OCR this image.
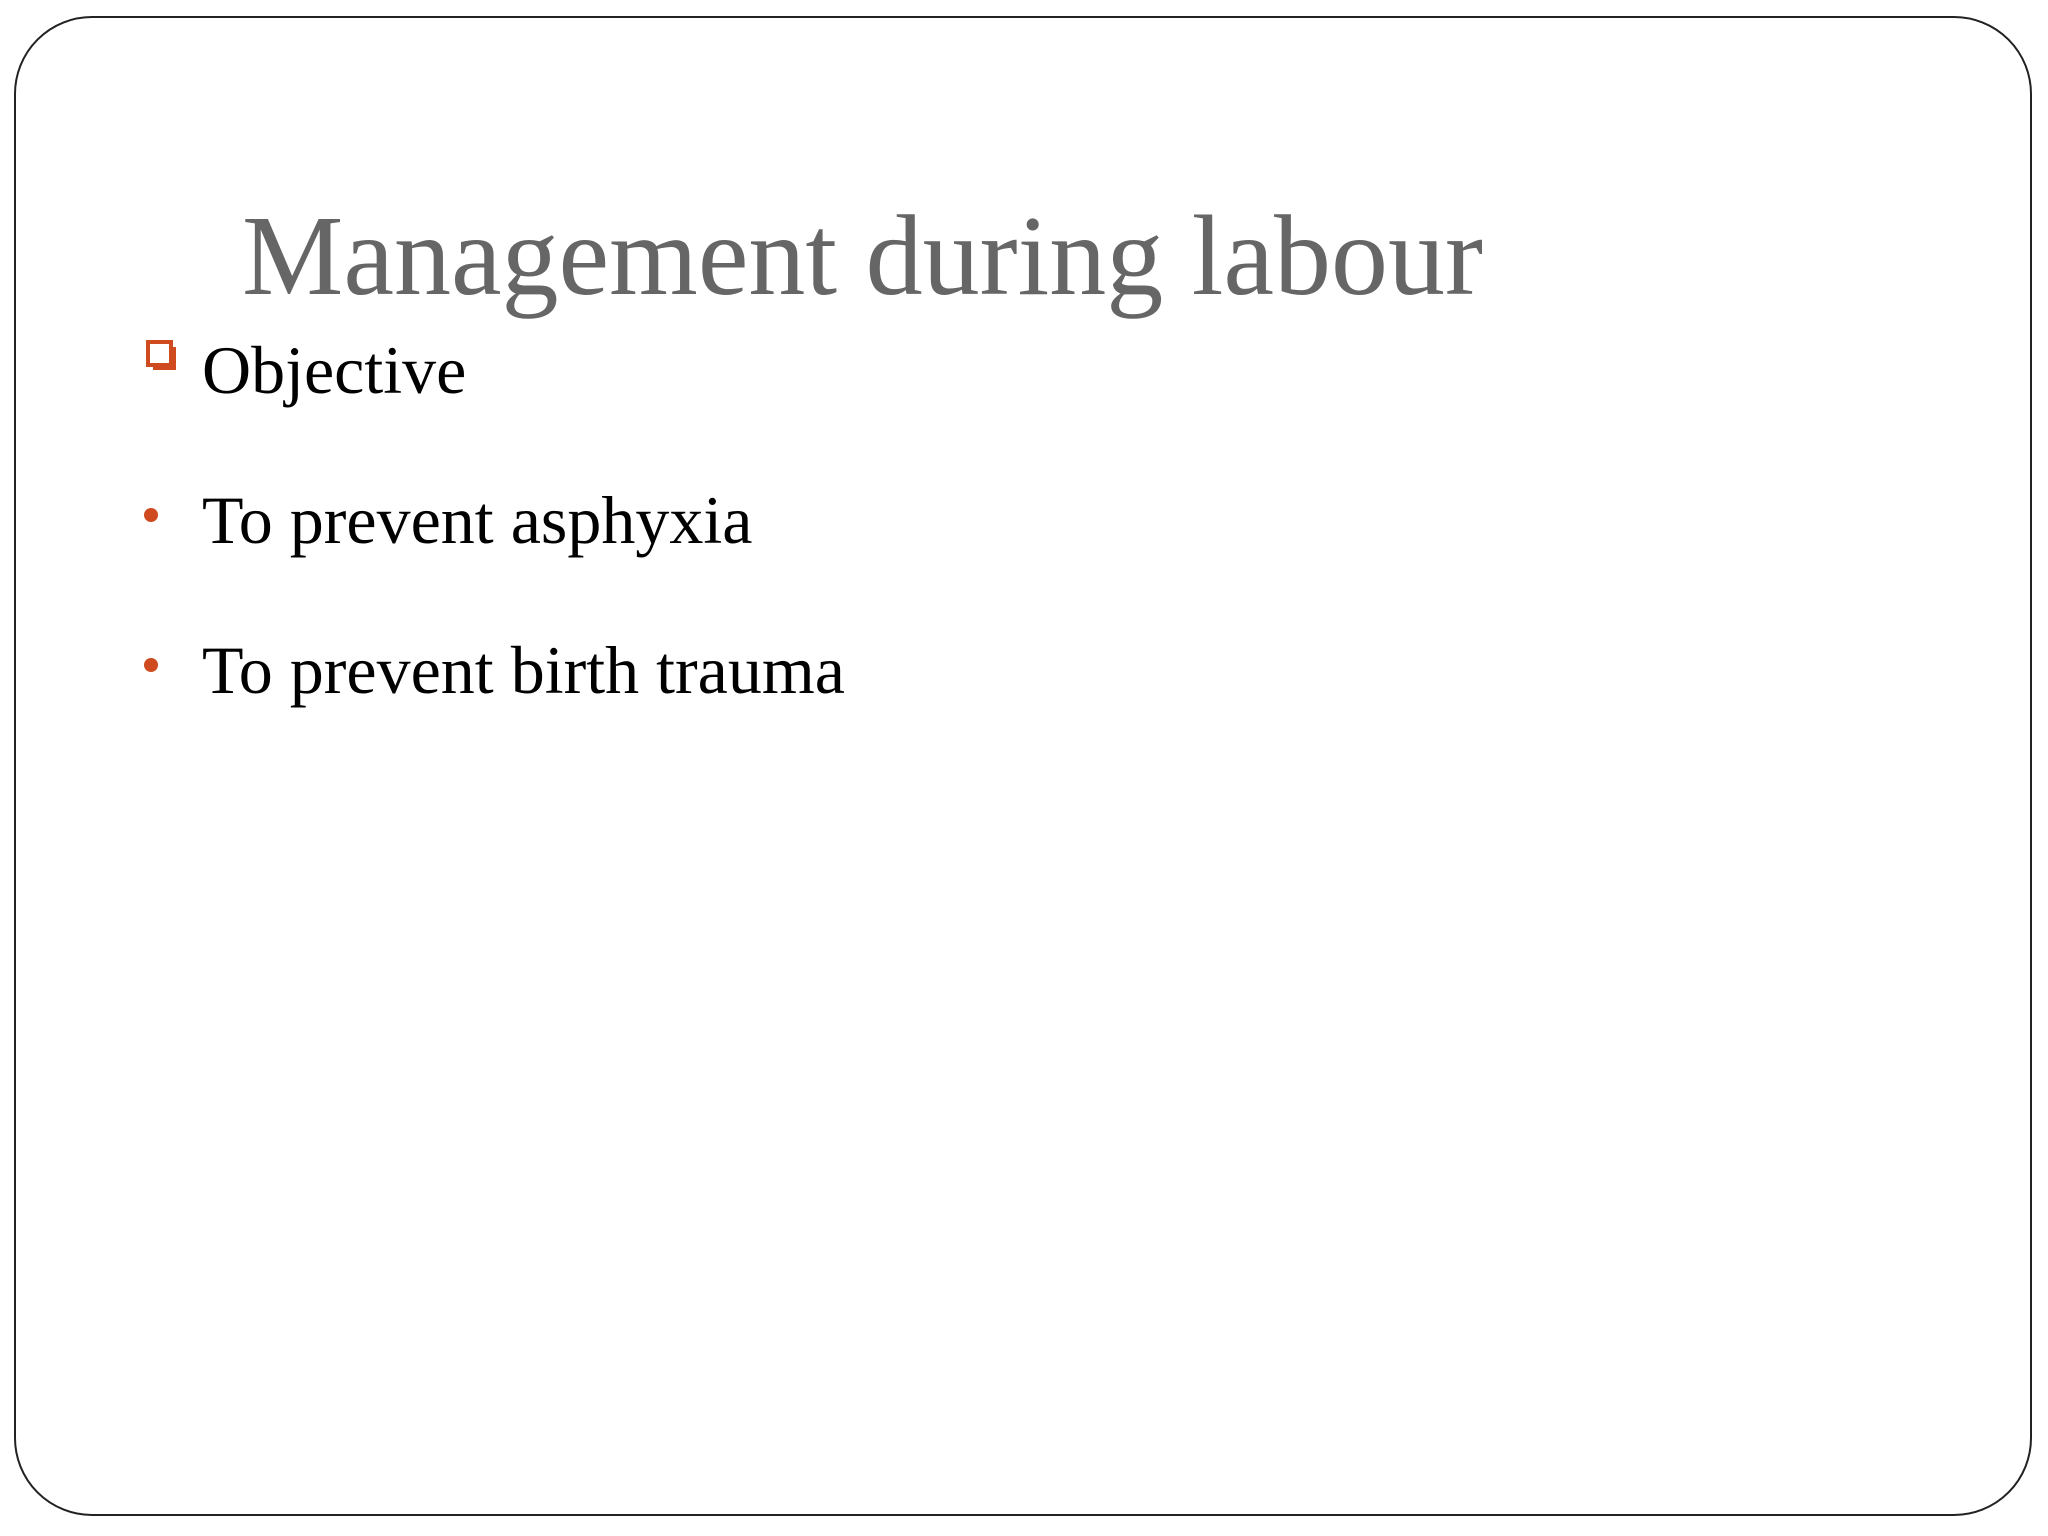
Management during labour
Objective
To prevent asphyxia
To prevent birth trauma
